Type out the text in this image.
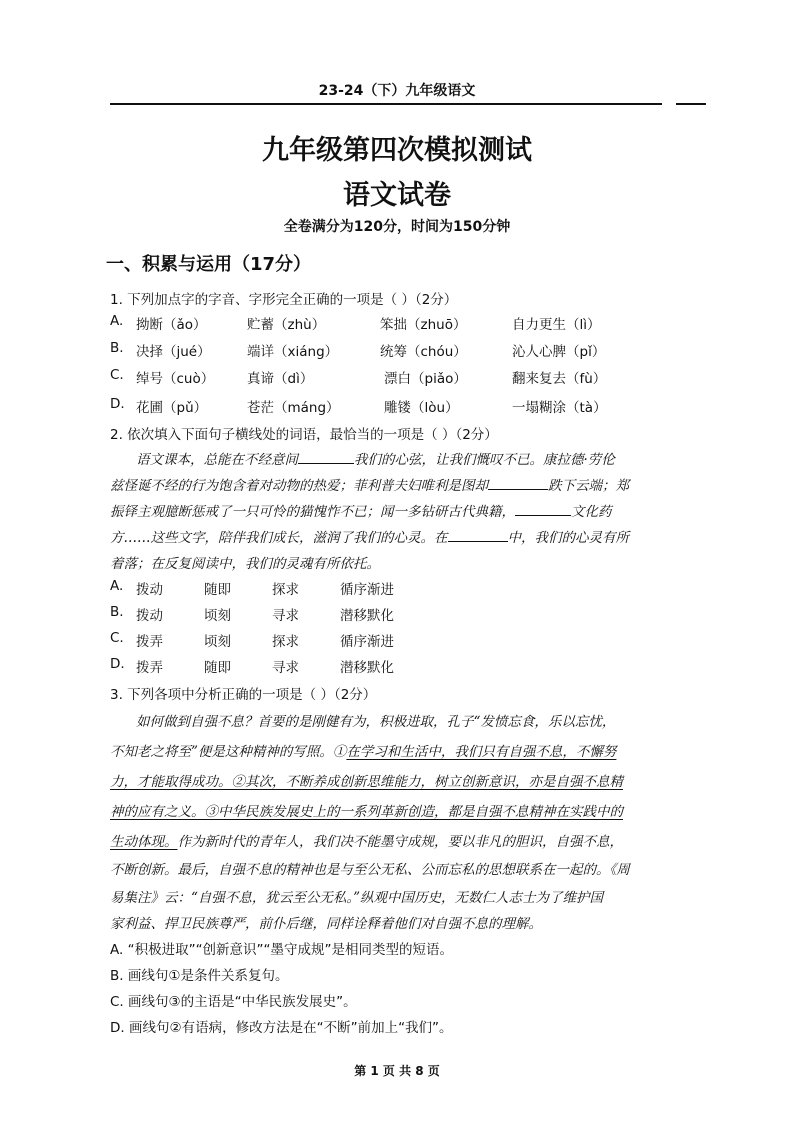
23-24（下）九年级语文
九年级第四次模拟测试
语文试卷
全卷满分为120分，时间为150分钟
一、积累与运用（17分）
1. 下列加点字的字音、字形完全正确的一项是（ ）（2分）
A. 拗断（ǎo）	贮蓄（zhù）	笨拙（zhuō）	自力更生（lì）
B. 决择（jué）	端详（xiáng）	统筹（chóu）	沁人心脾（pǐ）
C. 绰号（cuò） 真谛（dì）	漂白（piǎo）	翻来复去（fù）
D. 花圃（pǔ）	苍茫（máng）	雕镂（lòu）	一塌糊涂（tà）
2. 依次填入下面句子横线处的词语，最恰当的一项是（ ）（2分）
语文课本，总能在不经意间	我们的心弦，让我们慨叹不已。康拉德·劳伦
兹怪诞不经的行为饱含着对动物的热爱；菲利普夫妇唯利是图却	跌下云端；郑
振铎主观臆断惩戒了一只可怜的猫愧怍不已；闻一多钻研古代典籍，	文化药
方……这些文字，陪伴我们成长，滋润了我们的心灵。在	中，我们的心灵有所
着落；在反复阅读中，我们的灵魂有所依托。
A. 拨动	随即	探求	循序渐进
B. 拨动	顷刻	寻求	潜移默化
C. 拨弄	顷刻	探求	循序渐进
D. 拨弄	随即	寻求	潜移默化
3. 下列各项中分析正确的一项是（ ）（2分）
如何做到自强不息？首要的是刚健有为，积极进取，孔子“发愤忘食，乐以忘忧，
不知老之将至”便是这种精神的写照。①在学习和生活中，我们只有自强不息，不懈努
力，才能取得成功。②其次，不断养成创新思维能力，树立创新意识，亦是自强不息精
神的应有之义。③中华民族发展史上的一系列革新创造，都是自强不息精神在实践中的
生动体现。作为新时代的青年人，我们决不能墨守成规，要以非凡的胆识，自强不息，
不断创新。最后，自强不息的精神也是与至公无私、公而忘私的思想联系在一起的。《周
易集注》云：“自强不息，犹云至公无私。”纵观中国历史，无数仁人志士为了维护国
家利益、捍卫民族尊严，前仆后继，同样诠释着他们对自强不息的理解。
A. “积极进取”“创新意识”“墨守成规”是相同类型的短语。
B. 画线句①是条件关系复句。
C. 画线句③的主语是“中华民族发展史”。
D. 画线句②有语病，修改方法是在“不断”前加上“我们”。
第 1 页 共 8 页
